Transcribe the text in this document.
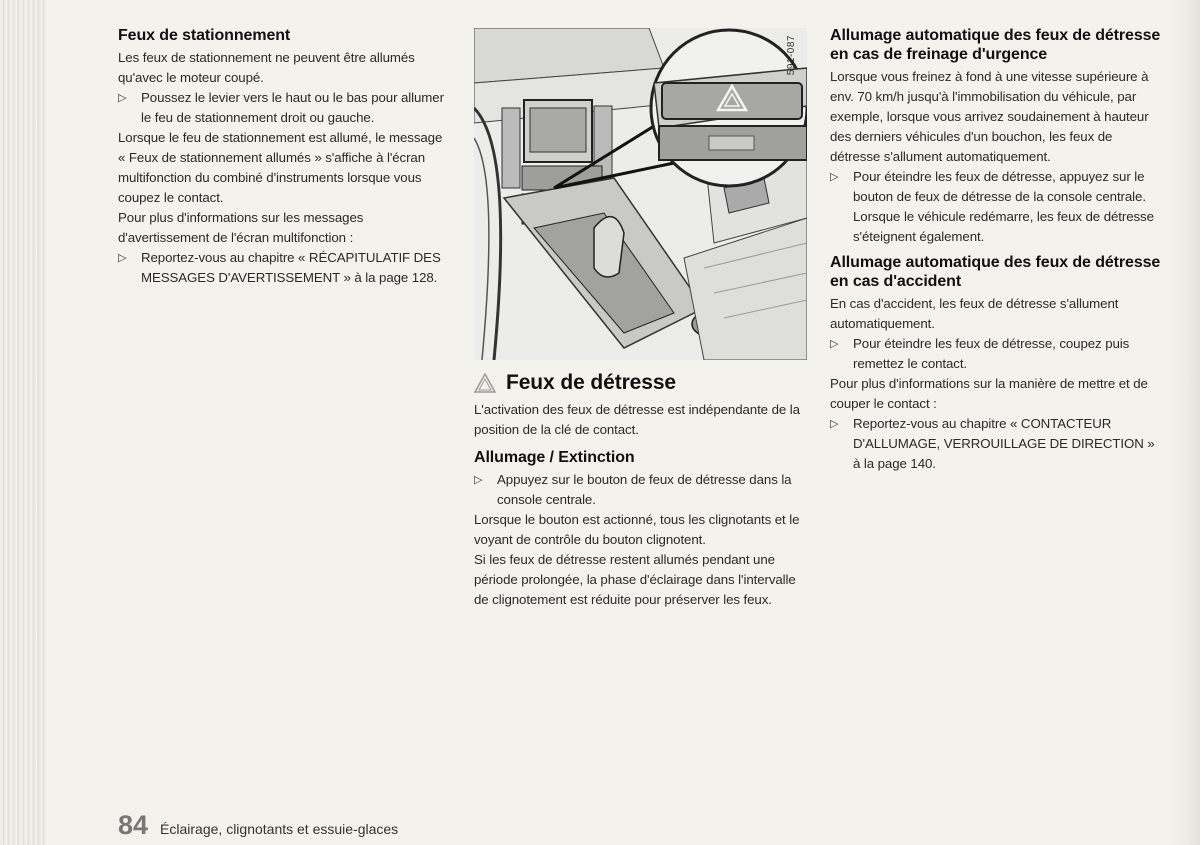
Feux de stationnement

Les feux de stationnement ne peuvent être allumés qu'avec le moteur coupé.

▷ Poussez le levier vers le haut ou le bas pour allumer le feu de stationnement droit ou gauche.

Lorsque le feu de stationnement est allumé, le message « Feux de stationnement allumés » s'affiche à l'écran multifonction du combiné d'instruments lorsque vous coupez le contact.

Pour plus d'informations sur les messages d'avertissement de l'écran multifonction :

▷ Reportez-vous au chapitre « RÉCAPITULATIF DES MESSAGES D'AVERTISSEMENT » à la page 128.
591-087
Feux de détresse

L'activation des feux de détresse est indépendante de la position de la clé de contact.

Allumage / Extinction
▷ Appuyez sur le bouton de feux de détresse dans la console centrale.

Lorsque le bouton est actionné, tous les clignotants et le voyant de contrôle du bouton clignotent.

Si les feux de détresse restent allumés pendant une période prolongée, la phase d'éclairage dans l'intervalle de clignotement est réduite pour préserver les feux.

Allumage automatique des feux de détresse en cas de freinage d'urgence

Lorsque vous freinez à fond à une vitesse supérieure à env. 70 km/h jusqu'à l'immobilisation du véhicule, par exemple, lorsque vous arrivez soudainement à hauteur des derniers véhicules d'un bouchon, les feux de détresse s'allument automatiquement.

▷ Pour éteindre les feux de détresse, appuyez sur le bouton de feux de détresse de la console centrale.

Lorsque le véhicule redémarre, les feux de détresse s'éteignent également.

Allumage automatique des feux de détresse en cas d'accident

En cas d'accident, les feux de détresse s'allument automatiquement.

▷ Pour éteindre les feux de détresse, coupez puis remettez le contact.

Pour plus d'informations sur la manière de mettre et de couper le contact :

▷ Reportez-vous au chapitre « CONTACTEUR D'ALLUMAGE, VERROUILLAGE DE DIRECTION » à la page 140.
84 Éclairage, clignotants et essuie-glaces
